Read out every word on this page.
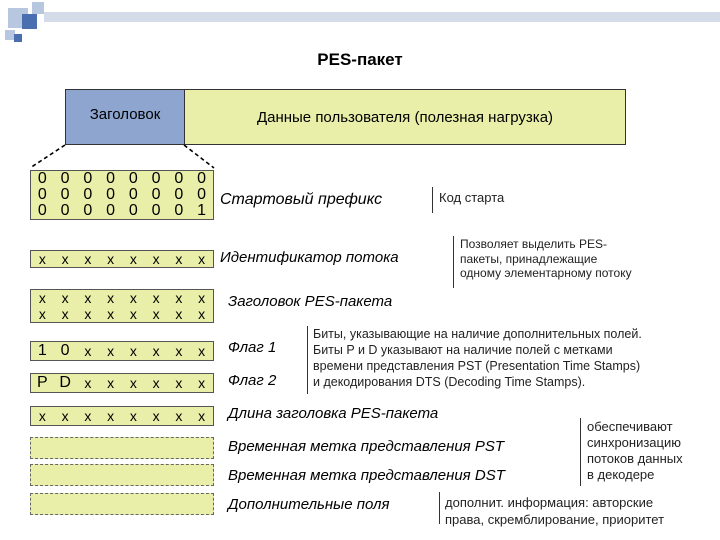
PES-пакет
Заголовок	Данные пользователя (полезная нагрузка)
0 0 0 0 0 0 0 0
0 0 0 0 0 0 0 0
0 0 0 0 0 0 0 1
Стартовый префикс	Код старта
x	x	x	x	x	x	x	x Идентификатор потока
Позволяет выделить PES-
пакеты, принадлежащие
одному элементарному потоку
x	x	x	x	x	x	x	x
x	x	x	x	x	x	x	x
Заголовок PES-пакета
1 0	x	x	x	x	x	x	Флаг 1
P D x	x	x	x	x	x	Флаг 2
Биты, указывающие на наличие дополнительных полей.
Биты P и D указывают на наличие полей с метками
времени представления PST (Presentation Time Stamps)
и декодирования DTS (Decoding Time Stamps).
x	x	x	x	x	x	x	x	Длина заголовка PES-пакета
Временная метка представления PST
Временная метка представления DST
обеспечивают
синхронизацию
потоков данных
в декодере
Дополнительные поля	дополнит. информация: авторские
права, скремблирование, приоритет
